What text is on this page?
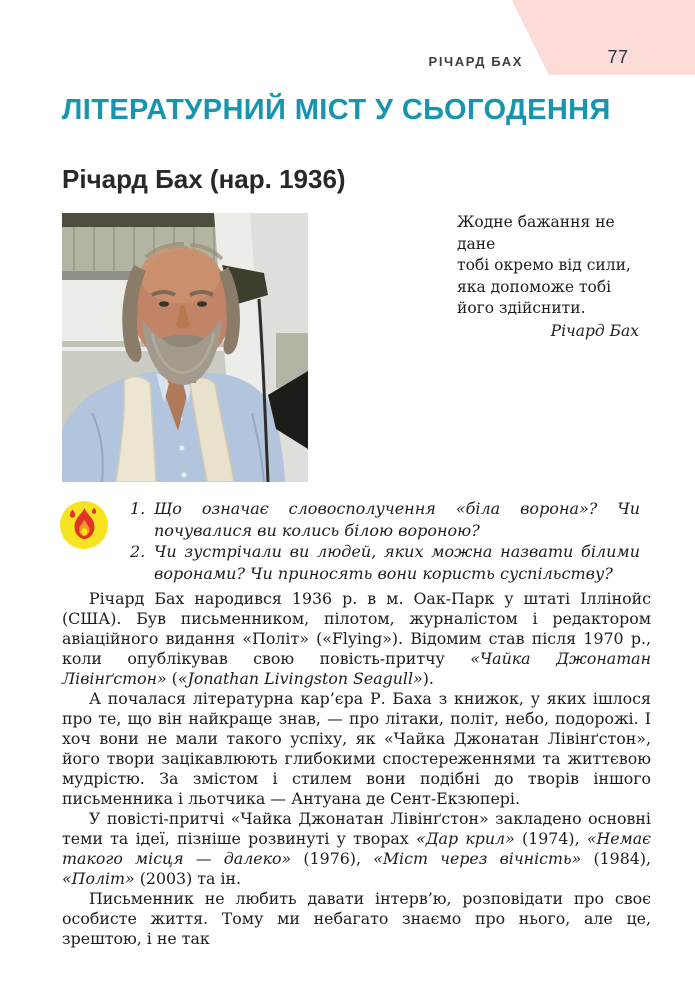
РІЧАРД БАХ	77
ЛІТЕРАТУРНИЙ МІСТ У СЬОГОДЕННЯ
Річард Бах (нар. 1936)
Жодне бажання не дане
тобі окремо від сили,
яка допоможе тобі
його здійснити.
Річард Бах
1. Що означає словосполучення «біла ворона»? Чи почувалися ви колись білою вороною?
2. Чи зустрічали ви людей, яких можна назвати білими воронами? Чи приносять вони користь суспільству?

Річард Бах народився 1936 р. в м. Оак-Парк у штаті Іллінойс (США). Був письменником, пілотом, журналістом і редактором авіаційного видання «Політ» («Flying»). Відомим став після 1970 р., коли опублікував свою повість-притчу «Чайка Джонатан Лівінґстон» («Jonathan Livingston Seagull»).

А почалася літературна кар’єра Р. Баха з книжок, у яких ішлося про те, що він найкраще знав, — про літаки, політ, небо, подорожі. І хоч вони не мали такого успіху, як «Чайка Джонатан Лівінґстон», його твори зацікавлюють глибокими спостереженнями та життєвою мудрістю. За змістом і стилем вони подібні до творів іншого письменника і льотчика — Антуана де Сент-Екзюпері.

У повісті-притчі «Чайка Джонатан Лівінґстон» закладено основні теми та ідеї, пізніше розвинуті у творах «Дар крил» (1974), «Немає такого місця — далеко» (1976), «Міст через вічність» (1984), «Політ» (2003) та ін.

Письменник не любить давати інтерв’ю, розповідати про своє особисте життя. Тому ми небагато знаємо про нього, але це, зрештою, і не так
